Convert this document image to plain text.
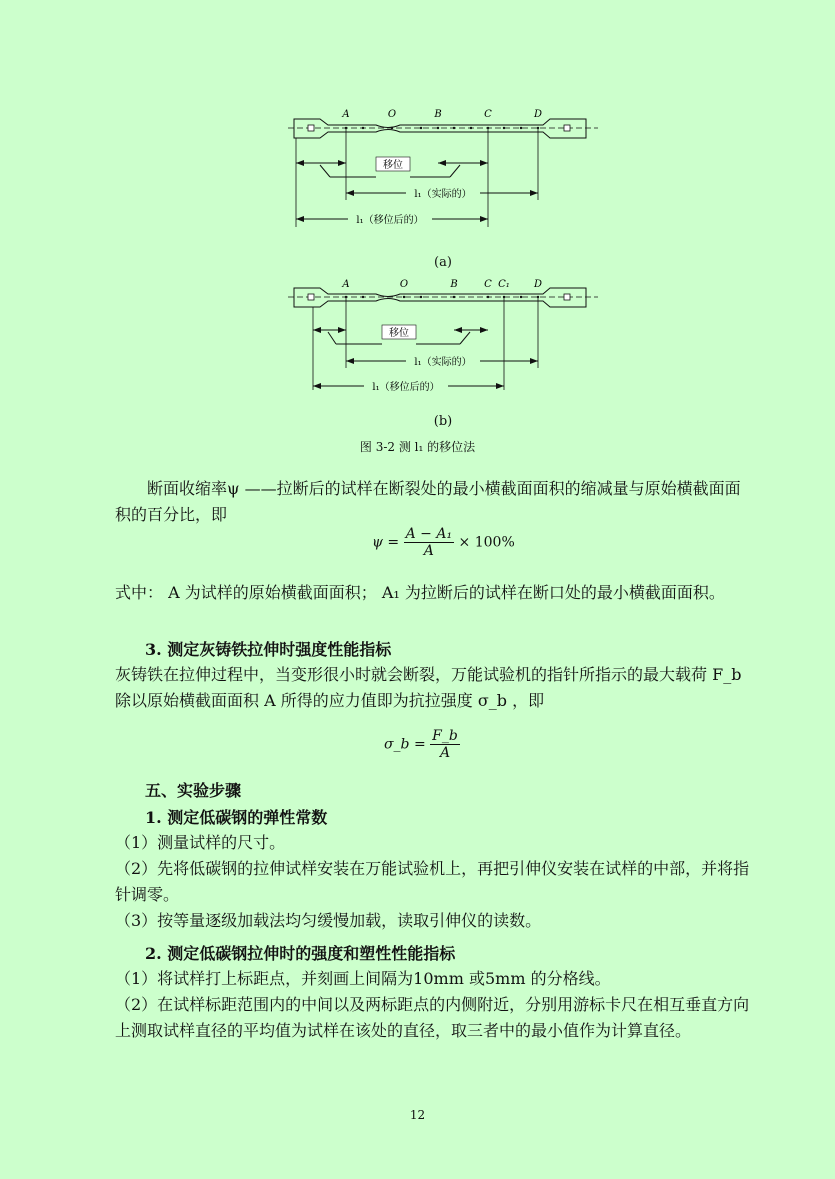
A	O	B	C	D
移位
l₁（实际的）
l₁（移位后的）
(a)
A	O	B	C C₁ D
移位
l₁（实际的）
l₁（移位后的）
(b)
图 3-2 测 l₁ 的移位法
断面收缩率ψ ——拉断后的试样在断裂处的最小横截面面积的缩减量与原始横截面面积的百分比，即
$\psi = \frac{\text{A − A₁}}{A} \times 100\%$
式中： A 为试样的原始横截面面积； A₁ 为拉断后的试样在断口处的最小横截面面积。
3. 测定灰铸铁拉伸时强度性能指标
灰铸铁在拉伸过程中，当变形很小时就会断裂，万能试验机的指针所指示的最大载荷 F_b 除以原始横截面面积 A 所得的应力值即为抗拉强度 σ_b ，即
σ_b = $\frac{F\_b}{A}$
五、实验步骤
1. 测定低碳钢的弹性常数
（1）测量试样的尺寸。
（2）先将低碳钢的拉伸试样安装在万能试验机上，再把引伸仪安装在试样的中部，并将指针调零。
（3）按等量逐级加载法均匀缓慢加载，读取引伸仪的读数。
2. 测定低碳钢拉伸时的强度和塑性性能指标
（1）将试样打上标距点，并刻画上间隔为10mm 或5mm 的分格线。
（2）在试样标距范围内的中间以及两标距点的内侧附近，分别用游标卡尺在相互垂直方向上测取试样直径的平均值为试样在该处的直径，取三者中的最小值作为计算直径。
12
